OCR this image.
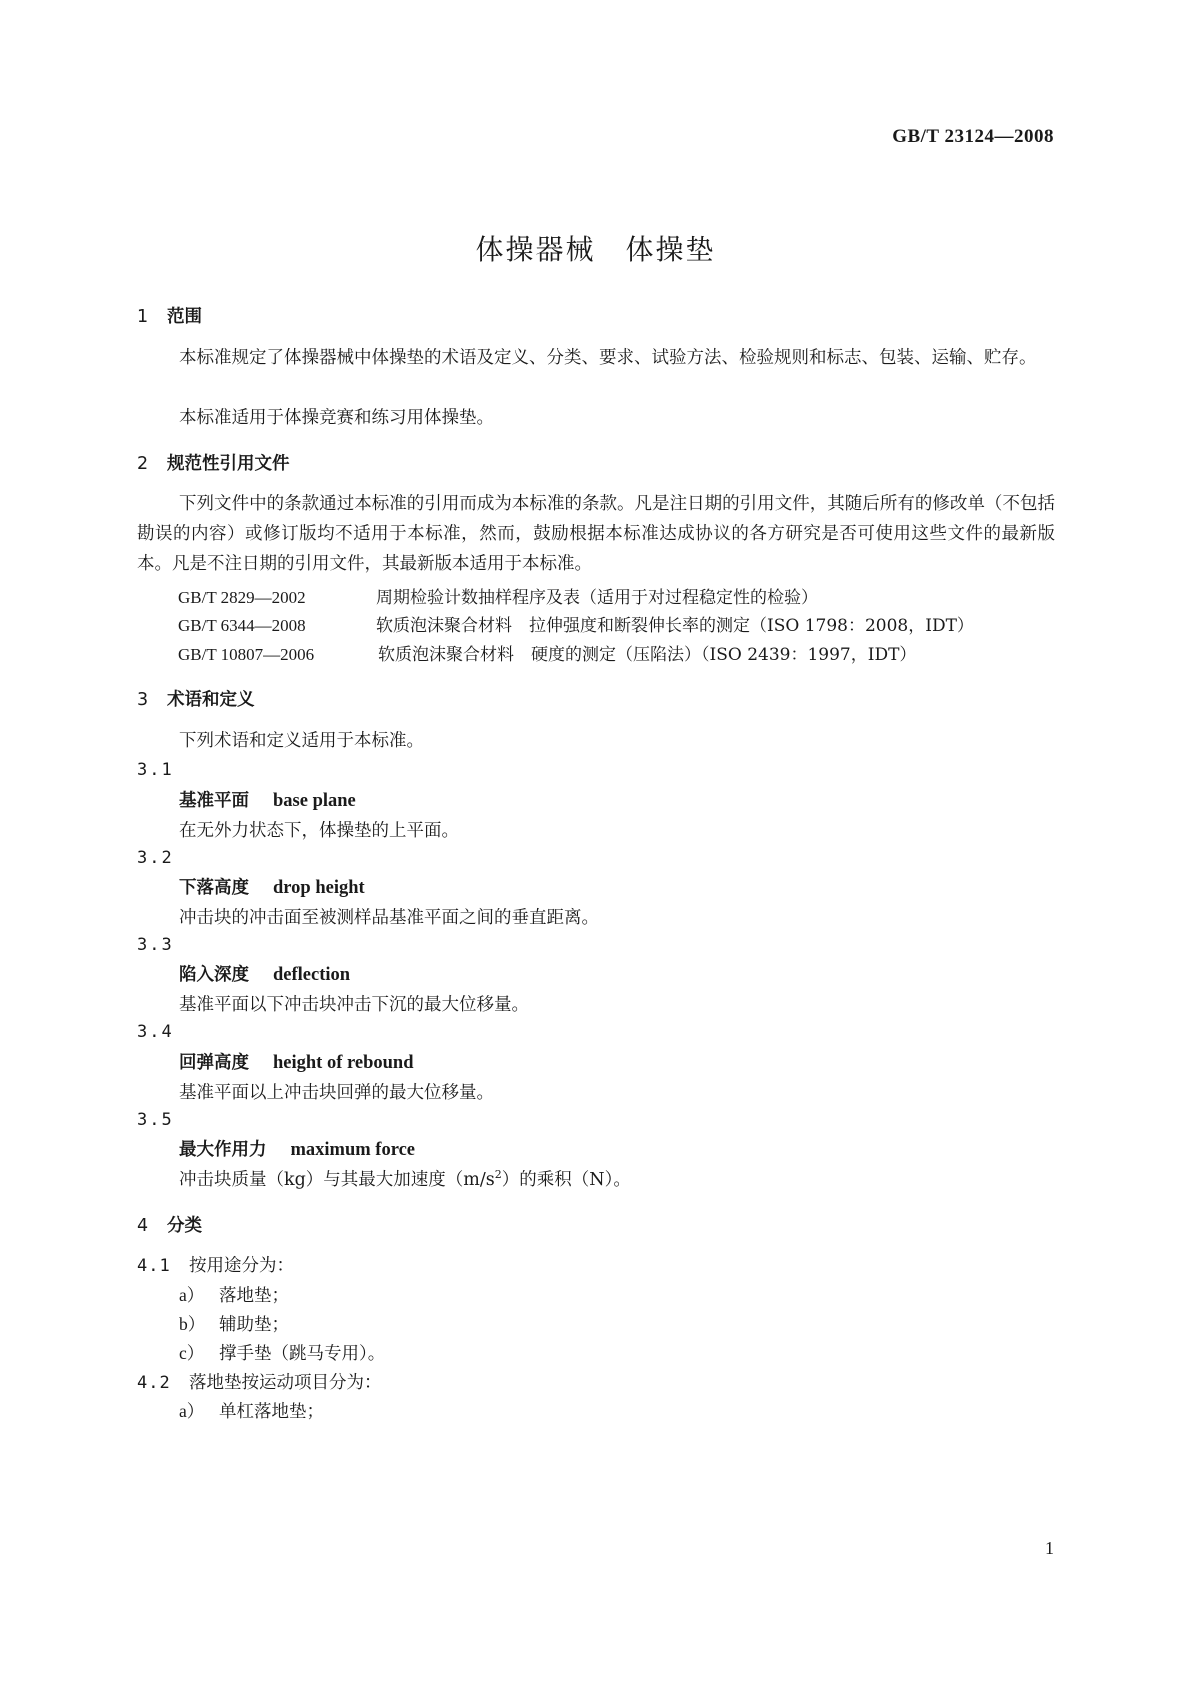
GB/T 23124—2008
体操器械　体操垫
1 范围
本标准规定了体操器械中体操垫的术语及定义、分类、要求、试验方法、检验规则和标志、包装、运输、贮存。
本标准适用于体操竞赛和练习用体操垫。
2 规范性引用文件
下列文件中的条款通过本标准的引用而成为本标准的条款。凡是注日期的引用文件，其随后所有的修改单（不包括勘误的内容）或修订版均不适用于本标准，然而，鼓励根据本标准达成协议的各方研究是否可使用这些文件的最新版本。凡是不注日期的引用文件，其最新版本适用于本标准。
GB/T 2829—2002	周期检验计数抽样程序及表（适用于对过程稳定性的检验）
GB/T 6344—2008	软质泡沫聚合材料　拉伸强度和断裂伸长率的测定（ISO 1798：2008，IDT）
GB/T 10807—2006	软质泡沫聚合材料　硬度的测定（压陷法）（ISO 2439：1997，IDT）
3 术语和定义
下列术语和定义适用于本标准。
3.1
基准平面 base plane
在无外力状态下，体操垫的上平面。
3.2
下落高度 drop height
冲击块的冲击面至被测样品基准平面之间的垂直距离。
3.3
陷入深度 deflection
基准平面以下冲击块冲击下沉的最大位移量。
3.4
回弹高度 height of rebound
基准平面以上冲击块回弹的最大位移量。
3.5
最大作用力 maximum force
冲击块质量（kg）与其最大加速度$(m/s^2)$的乘积（N）。
4 分类
4.1 按用途分为：
a） 落地垫；
b） 辅助垫；
c） 撑手垫（跳马专用）。
4.2 落地垫按运动项目分为：
a） 单杠落地垫；
1
